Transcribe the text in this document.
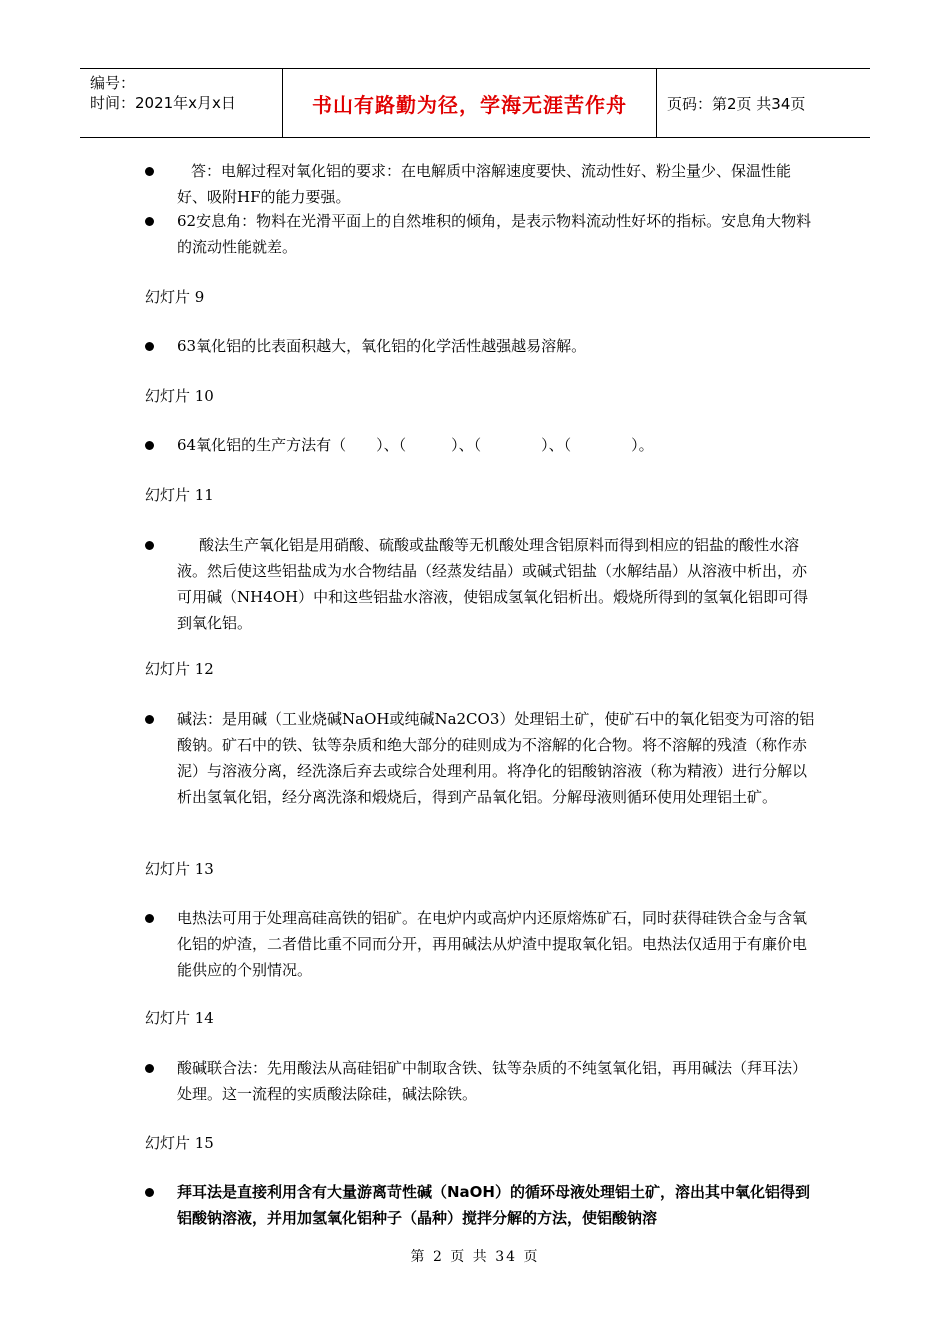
编号：
时间：2021年x月x日	书山有路勤为径，学海无涯苦作舟	页码：第2页 共34页
答：电解过程对氧化铝的要求：在电解质中溶解速度要快、流动性好、粉尘量少、保温性能好、吸附HF的能力要强。
62安息角：物料在光滑平面上的自然堆积的倾角，是表示物料流动性好坏的指标。安息角大物料的流动性能就差。
幻灯片 9
63氧化铝的比表面积越大，氧化铝的化学活性越强越易溶解。
幻灯片 10
64氧化铝的生产方法有（　　）、（　　　）、（　　　　）、（　　　　）。
幻灯片 11
酸法生产氧化铝是用硝酸、硫酸或盐酸等无机酸处理含铝原料而得到相应的铝盐的酸性水溶液。然后使这些铝盐成为水合物结晶（经蒸发结晶）或碱式铝盐（水解结晶）从溶液中析出，亦可用碱（NH4OH）中和这些铝盐水溶液，使铝成氢氧化铝析出。煅烧所得到的氢氧化铝即可得到氧化铝。
幻灯片 12
碱法：是用碱（工业烧碱NaOH或纯碱Na2CO3）处理铝土矿，使矿石中的氧化铝变为可溶的铝酸钠。矿石中的铁、钛等杂质和绝大部分的硅则成为不溶解的化合物。将不溶解的残渣（称作赤泥）与溶液分离，经洗涤后弃去或综合处理利用。将净化的铝酸钠溶液（称为精液）进行分解以析出氢氧化铝，经分离洗涤和煅烧后，得到产品氧化铝。分解母液则循环使用处理铝土矿。
幻灯片 13
电热法可用于处理高硅高铁的铝矿。在电炉内或高炉内还原熔炼矿石，同时获得硅铁合金与含氧化铝的炉渣，二者借比重不同而分开，再用碱法从炉渣中提取氧化铝。电热法仅适用于有廉价电能供应的个别情况。
幻灯片 14
酸碱联合法：先用酸法从高硅铝矿中制取含铁、钛等杂质的不纯氢氧化铝，再用碱法（拜耳法）处理。这一流程的实质酸法除硅，碱法除铁。
幻灯片 15
拜耳法是直接利用含有大量游离苛性碱（NaOH）的循环母液处理铝土矿，溶出其中氧化铝得到铝酸钠溶液，并用加氢氧化铝种子（晶种）搅拌分解的方法，使铝酸钠溶
第 2 页 共 34 页
